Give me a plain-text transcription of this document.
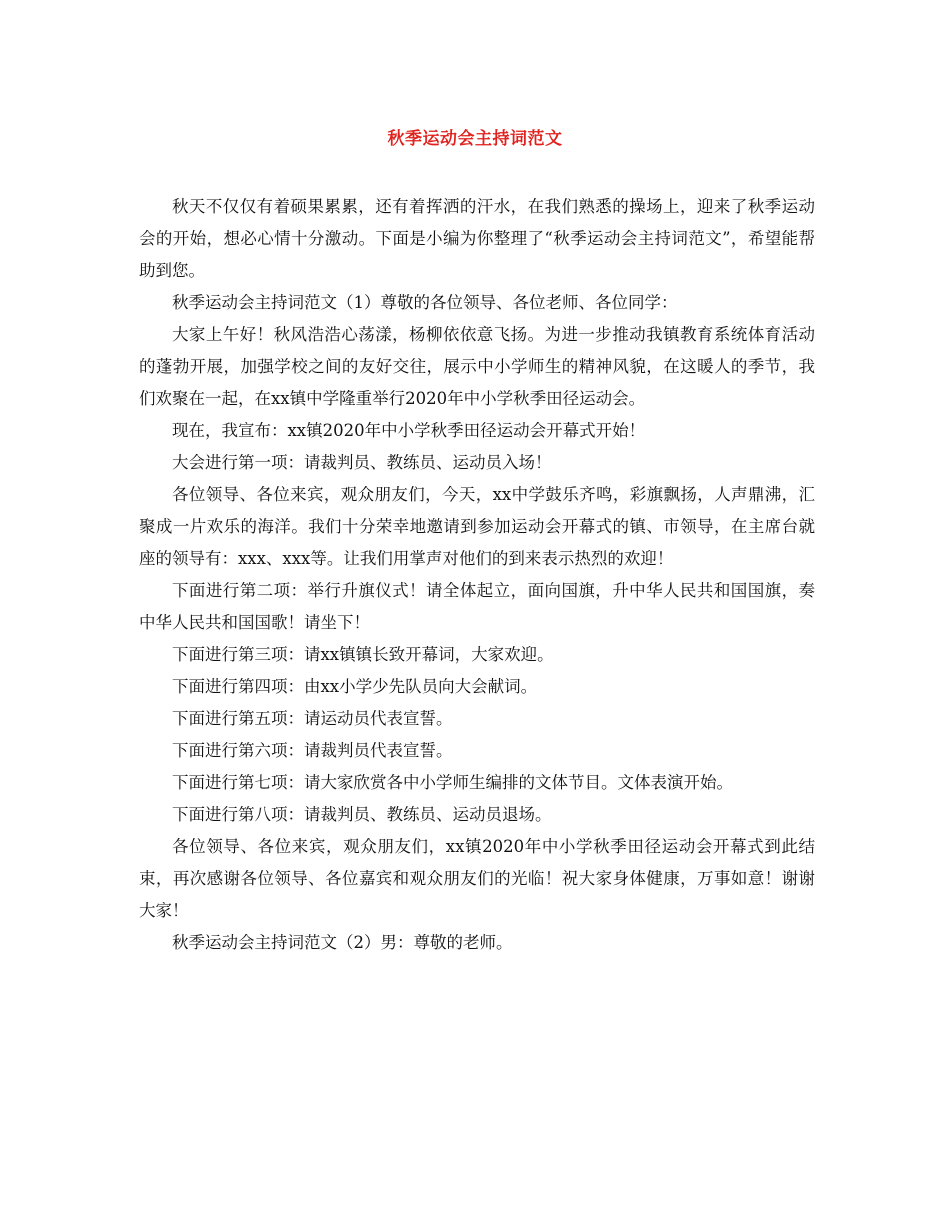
秋季运动会主持词范文

秋天不仅仅有着硕果累累，还有着挥洒的汗水，在我们熟悉的操场上，迎来了秋季运动会的开始，想必心情十分激动。下面是小编为你整理了“秋季运动会主持词范文”，希望能帮助到您。

秋季运动会主持词范文（1）尊敬的各位领导、各位老师、各位同学：

大家上午好！秋风浩浩心荡漾，杨柳依依意飞扬。为进一步推动我镇教育系统体育活动的蓬勃开展，加强学校之间的友好交往，展示中小学师生的精神风貌，在这暖人的季节，我们欢聚在一起，在xx镇中学隆重举行2020年中小学秋季田径运动会。

现在，我宣布：xx镇2020年中小学秋季田径运动会开幕式开始！

大会进行第一项：请裁判员、教练员、运动员入场！

各位领导、各位来宾，观众朋友们，今天，xx中学鼓乐齐鸣，彩旗飘扬，人声鼎沸，汇聚成一片欢乐的海洋。我们十分荣幸地邀请到参加运动会开幕式的镇、市领导，在主席台就座的领导有：xxx、xxx等。让我们用掌声对他们的到来表示热烈的欢迎！

下面进行第二项：举行升旗仪式！请全体起立，面向国旗，升中华人民共和国国旗，奏中华人民共和国国歌！请坐下！

下面进行第三项：请xx镇镇长致开幕词，大家欢迎。

下面进行第四项：由xx小学少先队员向大会献词。

下面进行第五项：请运动员代表宣誓。

下面进行第六项：请裁判员代表宣誓。

下面进行第七项：请大家欣赏各中小学师生编排的文体节目。文体表演开始。

下面进行第八项：请裁判员、教练员、运动员退场。

各位领导、各位来宾，观众朋友们，xx镇2020年中小学秋季田径运动会开幕式到此结束，再次感谢各位领导、各位嘉宾和观众朋友们的光临！祝大家身体健康，万事如意！谢谢大家！

秋季运动会主持词范文（2）男：尊敬的老师。
